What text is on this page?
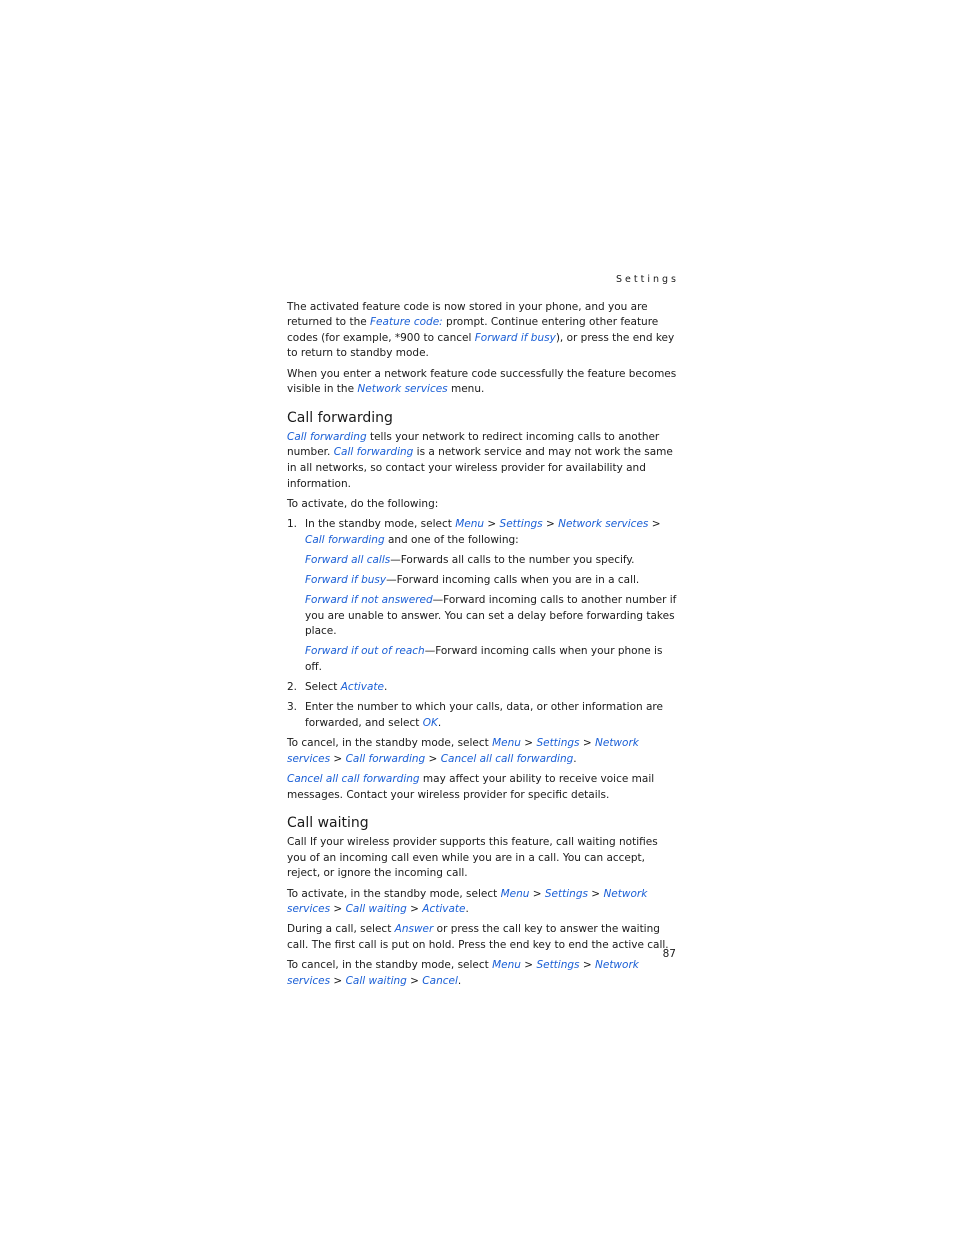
Settings

The activated feature code is now stored in your phone, and you are returned to the Feature code: prompt. Continue entering other feature codes (for example, *900 to cancel Forward if busy), or press the end key to return to standby mode.

When you enter a network feature code successfully the feature becomes visible in the Network services menu.

Call forwarding

Call forwarding tells your network to redirect incoming calls to another number. Call forwarding is a network service and may not work the same in all networks, so contact your wireless provider for availability and information.

To activate, do the following:

1. In the standby mode, select Menu > Settings > Network services > Call forwarding and one of the following:

Forward all calls—Forwards all calls to the number you specify.

Forward if busy—Forward incoming calls when you are in a call.

Forward if not answered—Forward incoming calls to another number if you are unable to answer. You can set a delay before forwarding takes place.

Forward if out of reach—Forward incoming calls when your phone is off.

2. Select Activate.

3. Enter the number to which your calls, data, or other information are forwarded, and select OK.

To cancel, in the standby mode, select Menu > Settings > Network services > Call forwarding > Cancel all call forwarding.

Cancel all call forwarding may affect your ability to receive voice mail messages. Contact your wireless provider for specific details.

Call waiting

Call If your wireless provider supports this feature, call waiting notifies you of an incoming call even while you are in a call. You can accept, reject, or ignore the incoming call.

To activate, in the standby mode, select Menu > Settings > Network services > Call waiting > Activate.

During a call, select Answer or press the call key to answer the waiting call. The first call is put on hold. Press the end key to end the active call.

To cancel, in the standby mode, select Menu > Settings > Network services > Call waiting > Cancel.

87
